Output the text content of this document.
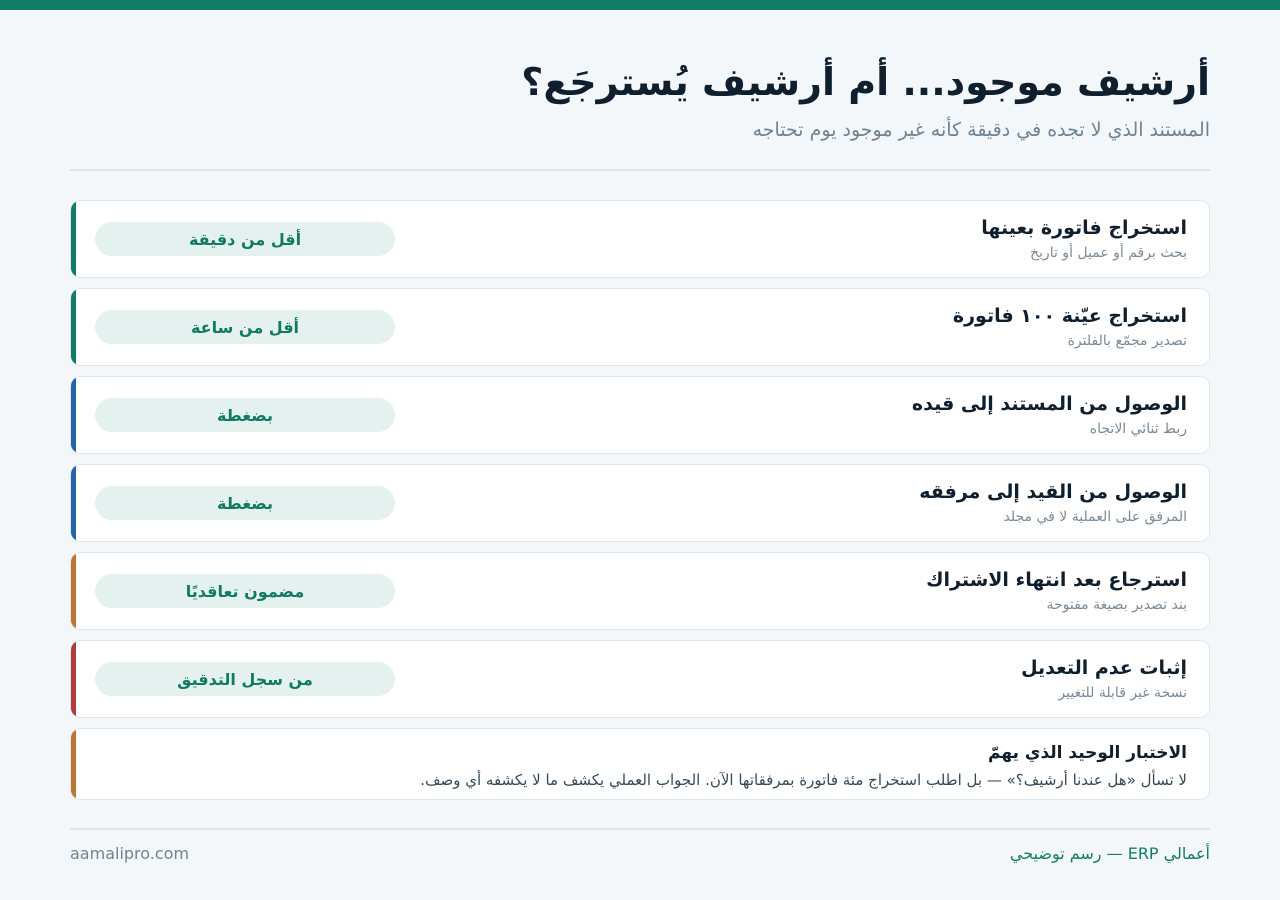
أرشيف موجود... أم أرشيف يُسترجَع؟

المستند الذي لا تجده في دقيقة كأنه غير موجود يوم تحتاجه

استخراج فاتورة بعينها
بحث برقم أو عميل أو تاريخ
أقل من دقيقة
استخراج عيّنة ١٠٠ فاتورة
تصدير مجمّع بالفلترة
أقل من ساعة
الوصول من المستند إلى قيده
ربط ثنائي الاتجاه
بضغطة
الوصول من القيد إلى مرفقه
المرفق على العملية لا في مجلد
بضغطة
استرجاع بعد انتهاء الاشتراك
بند تصدير بصيغة مفتوحة
مضمون تعاقديًا
إثبات عدم التعديل
نسخة غير قابلة للتغيير
من سجل التدقيق
الاختبار الوحيد الذي يهمّ
لا تسأل «هل عندنا أرشيف؟» — بل اطلب استخراج مئة فاتورة بمرفقاتها الآن. الجواب العملي يكشف ما لا يكشفه أي وصف.
أعمالي ERP — رسم توضيحي
aamalipro.com
